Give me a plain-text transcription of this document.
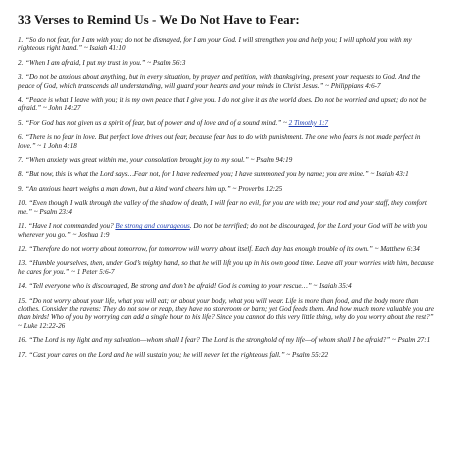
33 Verses to Remind Us - We Do Not Have to Fear:

1. “So do not fear, for I am with you; do not be dismayed, for I am your God. I will strengthen you and help you; I will uphold you with my righteous right hand.” ~ Isaiah 41:10

2. “When I am afraid, I put my trust in you.” ~ Psalm 56:3

3. “Do not be anxious about anything, but in every situation, by prayer and petition, with thanksgiving, present your requests to God. And the peace of God, which transcends all understanding, will guard your hearts and your minds in Christ Jesus.” ~ Philippians 4:6-7

4. “Peace is what I leave with you; it is my own peace that I give you. I do not give it as the world does. Do not be worried and upset; do not be afraid.” ~ John 14:27

5. “For God has not given us a spirit of fear, but of power and of love and of a sound mind.” ~ 2 Timothy 1:7

6. “There is no fear in love. But perfect love drives out fear, because fear has to do with punishment. The one who fears is not made perfect in love.” ~ 1 John 4:18

7. “When anxiety was great within me, your consolation brought joy to my soul.” ~ Psalm 94:19

8. “But now, this is what the Lord says…Fear not, for I have redeemed you; I have summoned you by name; you are mine.” ~ Isaiah 43:1

9. “An anxious heart weighs a man down, but a kind word cheers him up.” ~ Proverbs 12:25

10. “Even though I walk through the valley of the shadow of death, I will fear no evil, for you are with me; your rod and your staff, they comfort me.” ~ Psalm 23:4

11. “Have I not commanded you? Be strong and courageous. Do not be terrified; do not be discouraged, for the Lord your God will be with you wherever you go.” ~ Joshua 1:9

12. “Therefore do not worry about tomorrow, for tomorrow will worry about itself. Each day has enough trouble of its own.” ~ Matthew 6:34

13. “Humble yourselves, then, under God’s mighty hand, so that he will lift you up in his own good time. Leave all your worries with him, because he cares for you.” ~ 1 Peter 5:6-7

14. “Tell everyone who is discouraged, Be strong and don’t be afraid! God is coming to your rescue…” ~ Isaiah 35:4

15. “Do not worry about your life, what you will eat; or about your body, what you will wear. Life is more than food, and the body more than clothes. Consider the ravens: They do not sow or reap, they have no storeroom or barn; yet God feeds them. And how much more valuable you are than birds! Who of you by worrying can add a single hour to his life? Since you cannot do this very little thing, why do you worry about the rest?” ~ Luke 12:22-26

16. “The Lord is my light and my salvation—whom shall I fear? The Lord is the stronghold of my life—of whom shall I be afraid?” ~ Psalm 27:1

17. “Cast your cares on the Lord and he will sustain you; he will never let the righteous fall.” ~ Psalm 55:22
